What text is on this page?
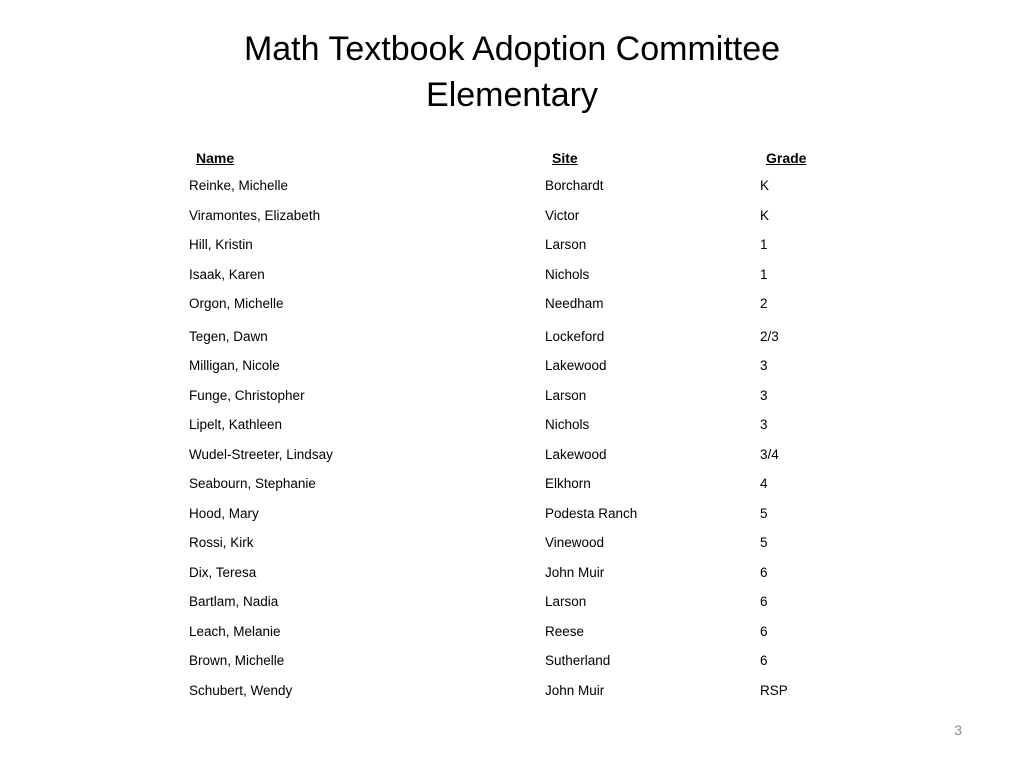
Math Textbook Adoption Committee
Elementary
Name	Site	Grade
Reinke, Michelle	Borchardt	K
Viramontes, Elizabeth	Victor	K
Hill, Kristin	Larson	1
Isaak, Karen	Nichols	1
Orgon, Michelle	Needham	2
Tegen, Dawn	Lockeford	2/3
Milligan, Nicole	Lakewood	3
Funge, Christopher	Larson	3
Lipelt, Kathleen	Nichols	3
Wudel-Streeter, Lindsay	Lakewood	3/4
Seabourn, Stephanie	Elkhorn	4
Hood, Mary	Podesta Ranch	5
Rossi, Kirk	Vinewood	5
Dix, Teresa	John Muir	6
Bartlam, Nadia	Larson	6
Leach, Melanie	Reese	6
Brown, Michelle	Sutherland	6
Schubert, Wendy	John Muir	RSP
3
